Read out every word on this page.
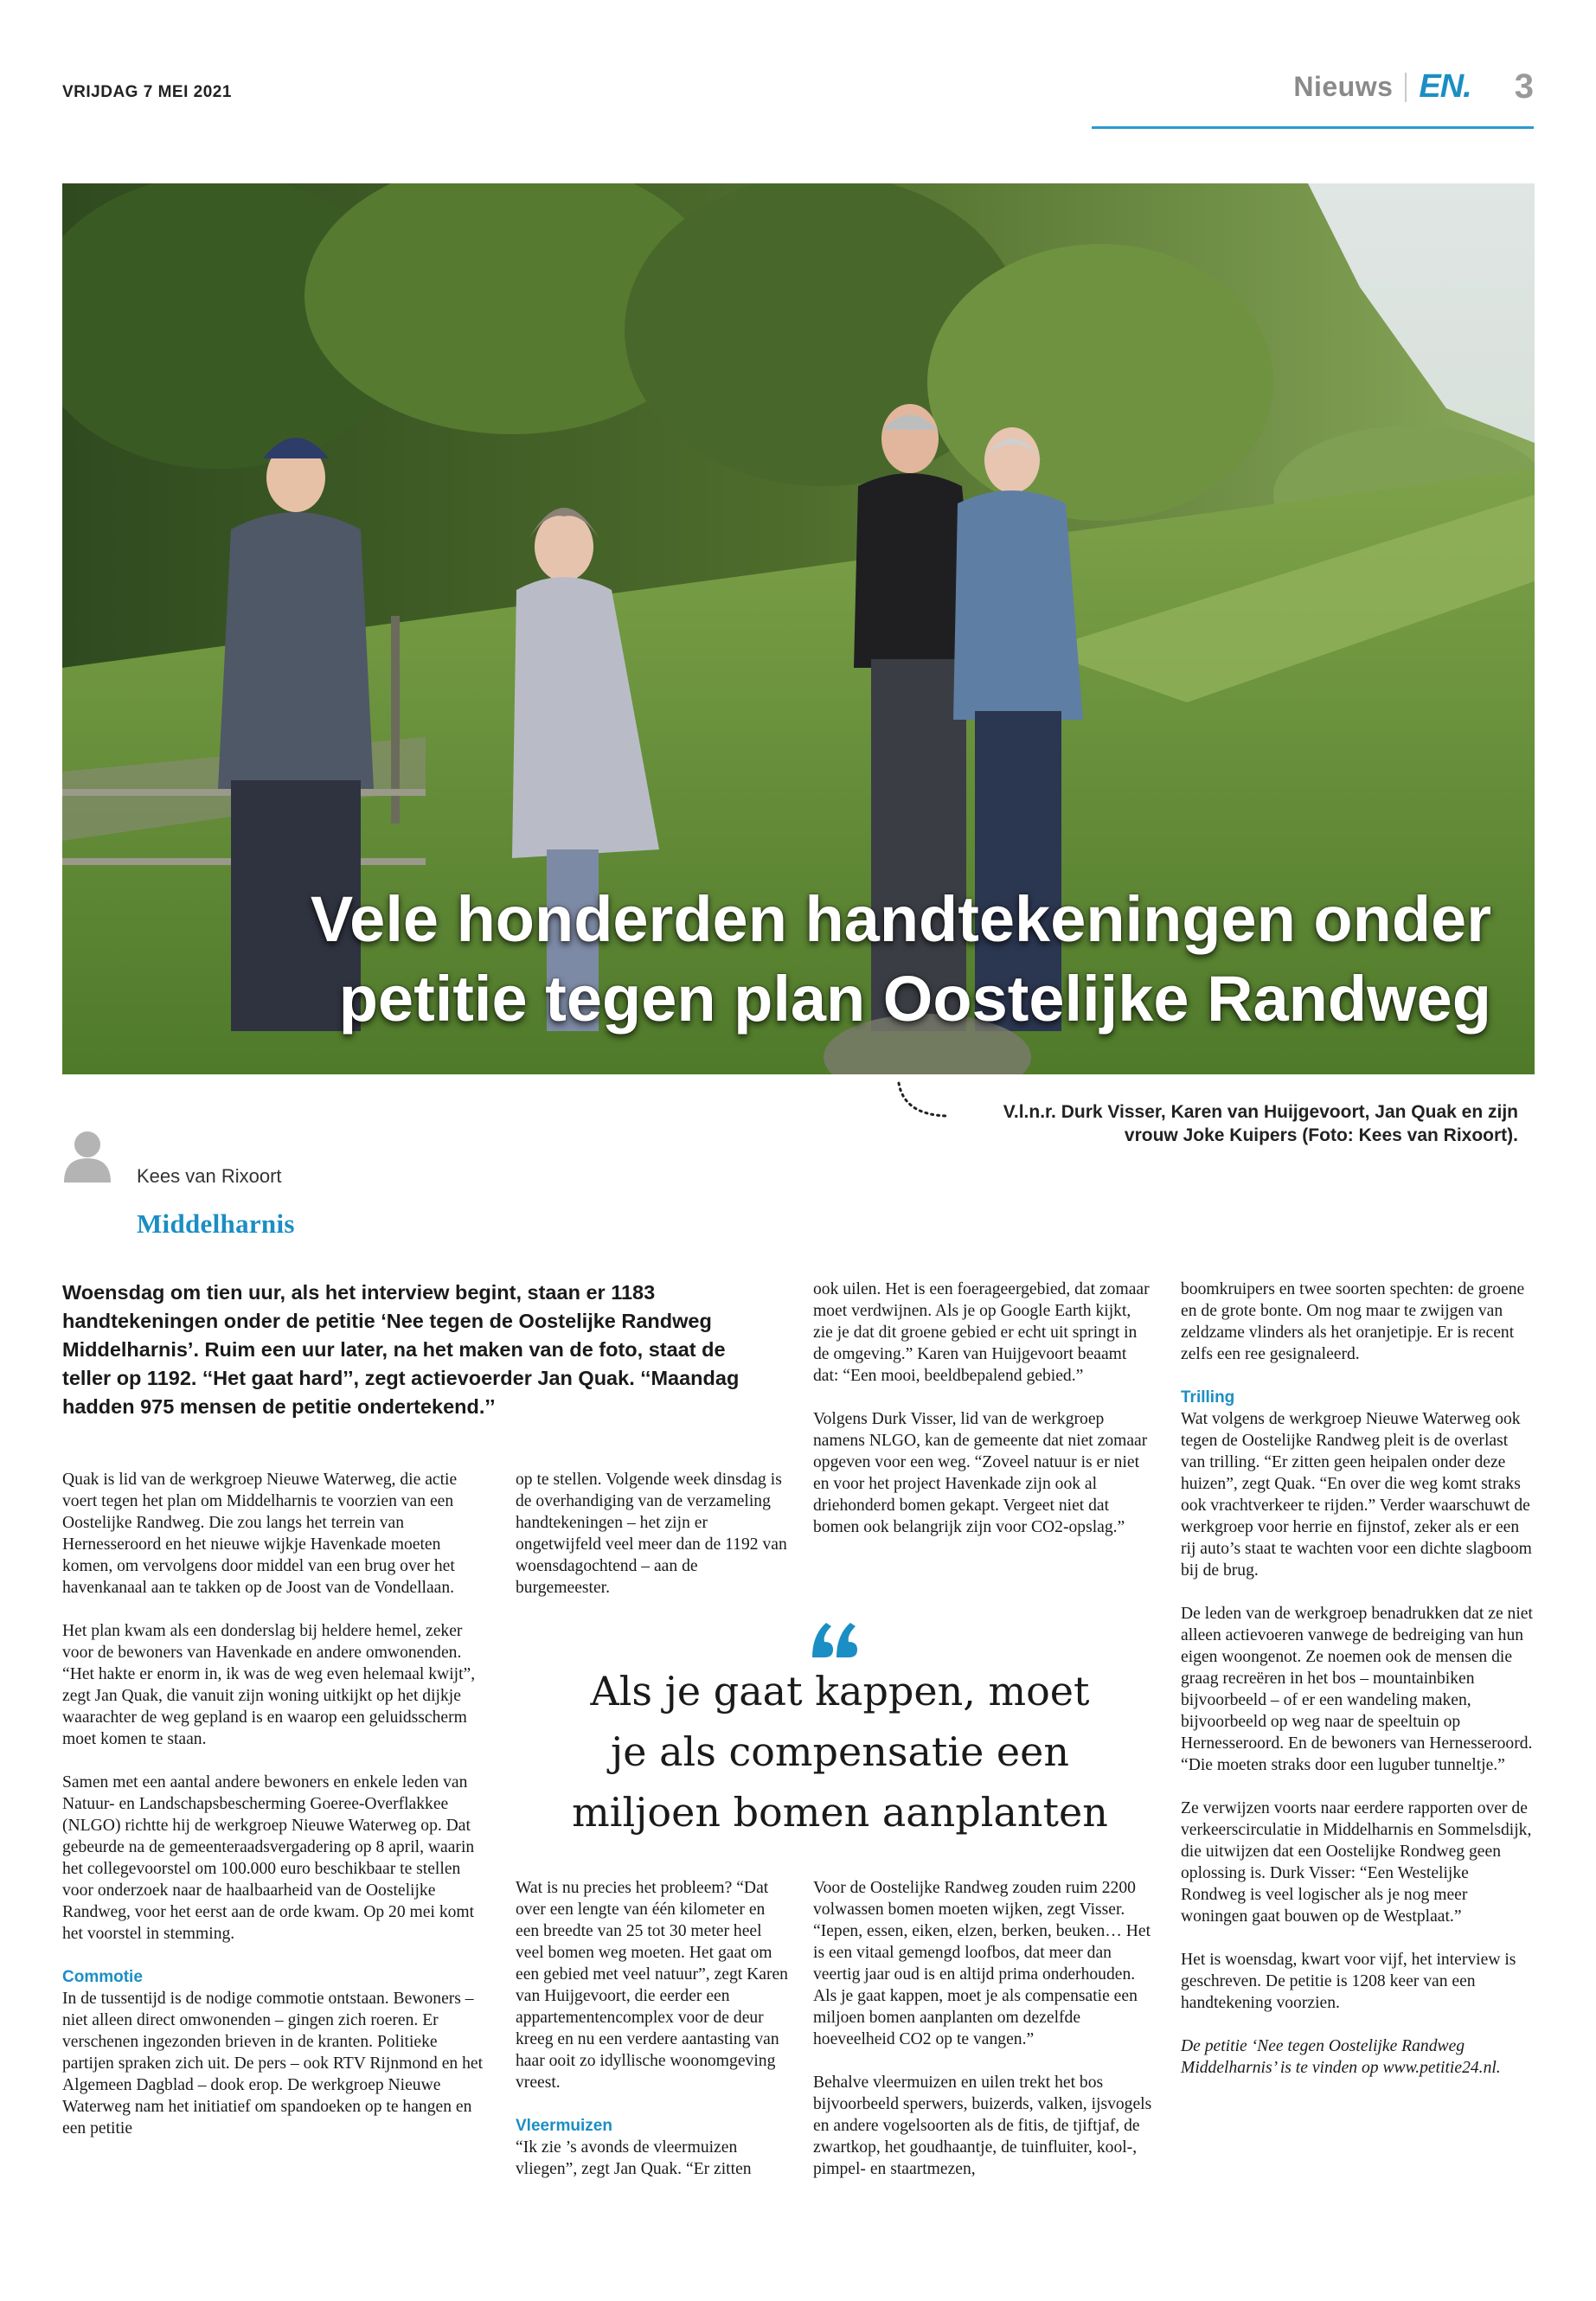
VRIJDAG 7 MEI 2021	Nieuws EN. 3
Vele honderden handtekeningen onder
petitie tegen plan Oostelijke Randweg
V.l.n.r. Durk Visser, Karen van Huijgevoort, Jan Quak en zijn
vrouw Joke Kuipers (Foto: Kees van Rixoort).
Kees van Rixoort
Middelharnis
Woensdag om tien uur, als het interview begint, staan er 1183 handtekeningen onder de petitie ‘Nee tegen de Oostelijke Randweg Middelharnis’. Ruim een uur later, na het maken van de foto, staat de teller op 1192. ‘‘Het gaat hard’’, zegt actievoerder Jan Quak. ‘‘Maandag hadden 975 mensen de petitie ondertekend.’’

Quak is lid van de werkgroep Nieuwe Waterweg, die actie voert tegen het plan om Middelharnis te voorzien van een Oostelijke Randweg. Die zou langs het terrein van Hernesseroord en het nieuwe wijkje Havenkade moeten komen, om vervolgens door middel van een brug over het havenkanaal aan te takken op de Joost van de Vondellaan.

Het plan kwam als een donderslag bij heldere hemel, zeker voor de bewoners van Havenkade en andere omwonenden. “Het hakte er enorm in, ik was de weg even helemaal kwijt”, zegt Jan Quak, die vanuit zijn woning uitkijkt op het dijkje waarachter de weg gepland is en waarop een geluidsscherm moet komen te staan.

Samen met een aantal andere bewoners en enkele leden van Natuur- en Landschapsbescherming Goeree-Overflakkee (NLGO) richtte hij de werkgroep Nieuwe Waterweg op. Dat gebeurde na de gemeenteraadsvergadering op 8 april, waarin het collegevoorstel om 100.000 euro beschikbaar te stellen voor onderzoek naar de haalbaarheid van de Oostelijke Randweg, voor het eerst aan de orde kwam. Op 20 mei komt het voorstel in stemming.

Commotie

In de tussentijd is de nodige commotie ontstaan. Bewoners – niet alleen direct omwonenden – gingen zich roeren. Er verschenen ingezonden brieven in de kranten. Politieke partijen spraken zich uit. De pers – ook RTV Rijnmond en het Algemeen Dagblad – dook erop. De werkgroep Nieuwe Waterweg nam het initiatief om spandoeken op te hangen en een petitie

op te stellen. Volgende week dinsdag is de overhandiging van de verzameling handtekeningen – het zijn er ongetwijfeld veel meer dan de 1192 van woensdagochtend – aan de burgemeester.

Wat is nu precies het probleem? “Dat over een lengte van één kilometer en een breedte van 25 tot 30 meter heel veel bomen weg moeten. Het gaat om een gebied met veel natuur”, zegt Karen van Huijgevoort, die eerder een appartementencomplex voor de deur kreeg en nu een verdere aantasting van haar ooit zo idyllische woonomgeving vreest.

Vleermuizen

“Ik zie ’s avonds de vleermuizen vliegen”, zegt Jan Quak. “Er zitten

ook uilen. Het is een foerageergebied, dat zomaar moet verdwijnen. Als je op Google Earth kijkt, zie je dat dit groene gebied er echt uit springt in de omgeving.” Karen van Huijgevoort beaamt dat: “Een mooi, beeldbepalend gebied.”

Volgens Durk Visser, lid van de werkgroep namens NLGO, kan de gemeente dat niet zomaar opgeven voor een weg. “Zoveel natuur is er niet en voor het project Havenkade zijn ook al driehonderd bomen gekapt. Vergeet niet dat bomen ook belangrijk zijn voor CO2-opslag.”

Voor de Oostelijke Randweg zouden ruim 2200 volwassen bomen moeten wijken, zegt Visser. “Iepen, essen, eiken, elzen, berken, beuken… Het is een vitaal gemengd loofbos, dat meer dan veertig jaar oud is en altijd prima onderhouden. Als je gaat kappen, moet je als compensatie een miljoen bomen aanplanten om dezelfde hoeveelheid CO2 op te vangen.”

Behalve vleermuizen en uilen trekt het bos bijvoorbeeld sperwers, buizerds, valken, ijsvogels en andere vogelsoorten als de fitis, de tjiftjaf, de zwartkop, het goudhaantje, de tuinfluiter, kool-, pimpel- en staartmezen,

Als je gaat kappen, moet
je als compensatie een
miljoen bomen aanplanten

boomkruipers en twee soorten spechten: de groene en de grote bonte. Om nog maar te zwijgen van zeldzame vlinders als het oranjetipje. Er is recent zelfs een ree gesignaleerd.

Trilling

Wat volgens de werkgroep Nieuwe Waterweg ook tegen de Oostelijke Randweg pleit is de overlast van trilling. “Er zitten geen heipalen onder deze huizen”, zegt Quak. “En over die weg komt straks ook vrachtverkeer te rijden.” Verder waarschuwt de werkgroep voor herrie en fijnstof, zeker als er een rij auto’s staat te wachten voor een dichte slagboom bij de brug.

De leden van de werkgroep benadrukken dat ze niet alleen actievoeren vanwege de bedreiging van hun eigen woongenot. Ze noemen ook de mensen die graag recreëren in het bos – mountainbiken bijvoorbeeld – of er een wandeling maken, bijvoorbeeld op weg naar de speeltuin op Hernesseroord. En de bewoners van Hernesseroord. “Die moeten straks door een luguber tunneltje.”

Ze verwijzen voorts naar eerdere rapporten over de verkeerscirculatie in Middelharnis en Sommelsdijk, die uitwijzen dat een Oostelijke Rondweg geen oplossing is. Durk Visser: “Een Westelijke Rondweg is veel logischer als je nog meer woningen gaat bouwen op de Westplaat.”

Het is woensdag, kwart voor vijf, het interview is geschreven. De petitie is 1208 keer van een handtekening voorzien.

De petitie ‘Nee tegen Oostelijke Randweg Middelharnis’ is te vinden op www.petitie24.nl.
